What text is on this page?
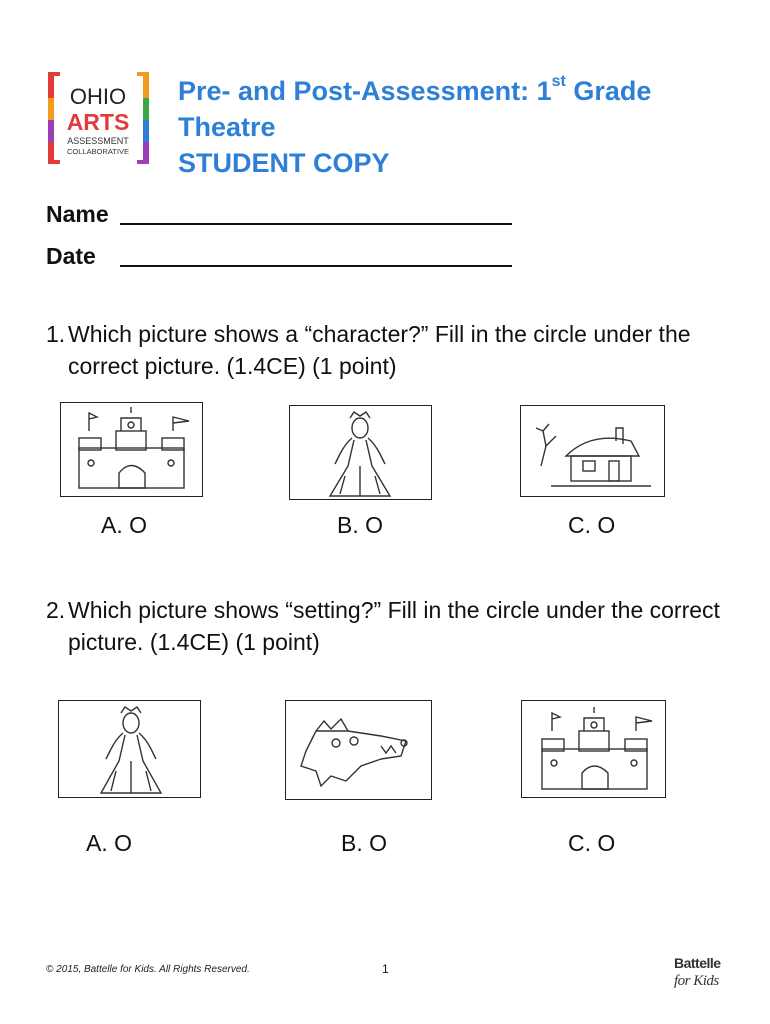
OHIO
ARTS
ASSESSMENT
COLLABORATIVE
Pre- and Post-Assessment: 1st Grade
Theatre
STUDENT COPY
Name
Date
1. Which picture shows a “character?” Fill in the circle under the correct picture. (1.4CE) (1 point)
A. O	B. O	C. O
2. Which picture shows “setting?” Fill in the circle under the correct picture. (1.4CE) (1 point)
A. O	B. O	C. O
© 2015, Battelle for Kids. All Rights Reserved.	1	Battelle
for Kids
